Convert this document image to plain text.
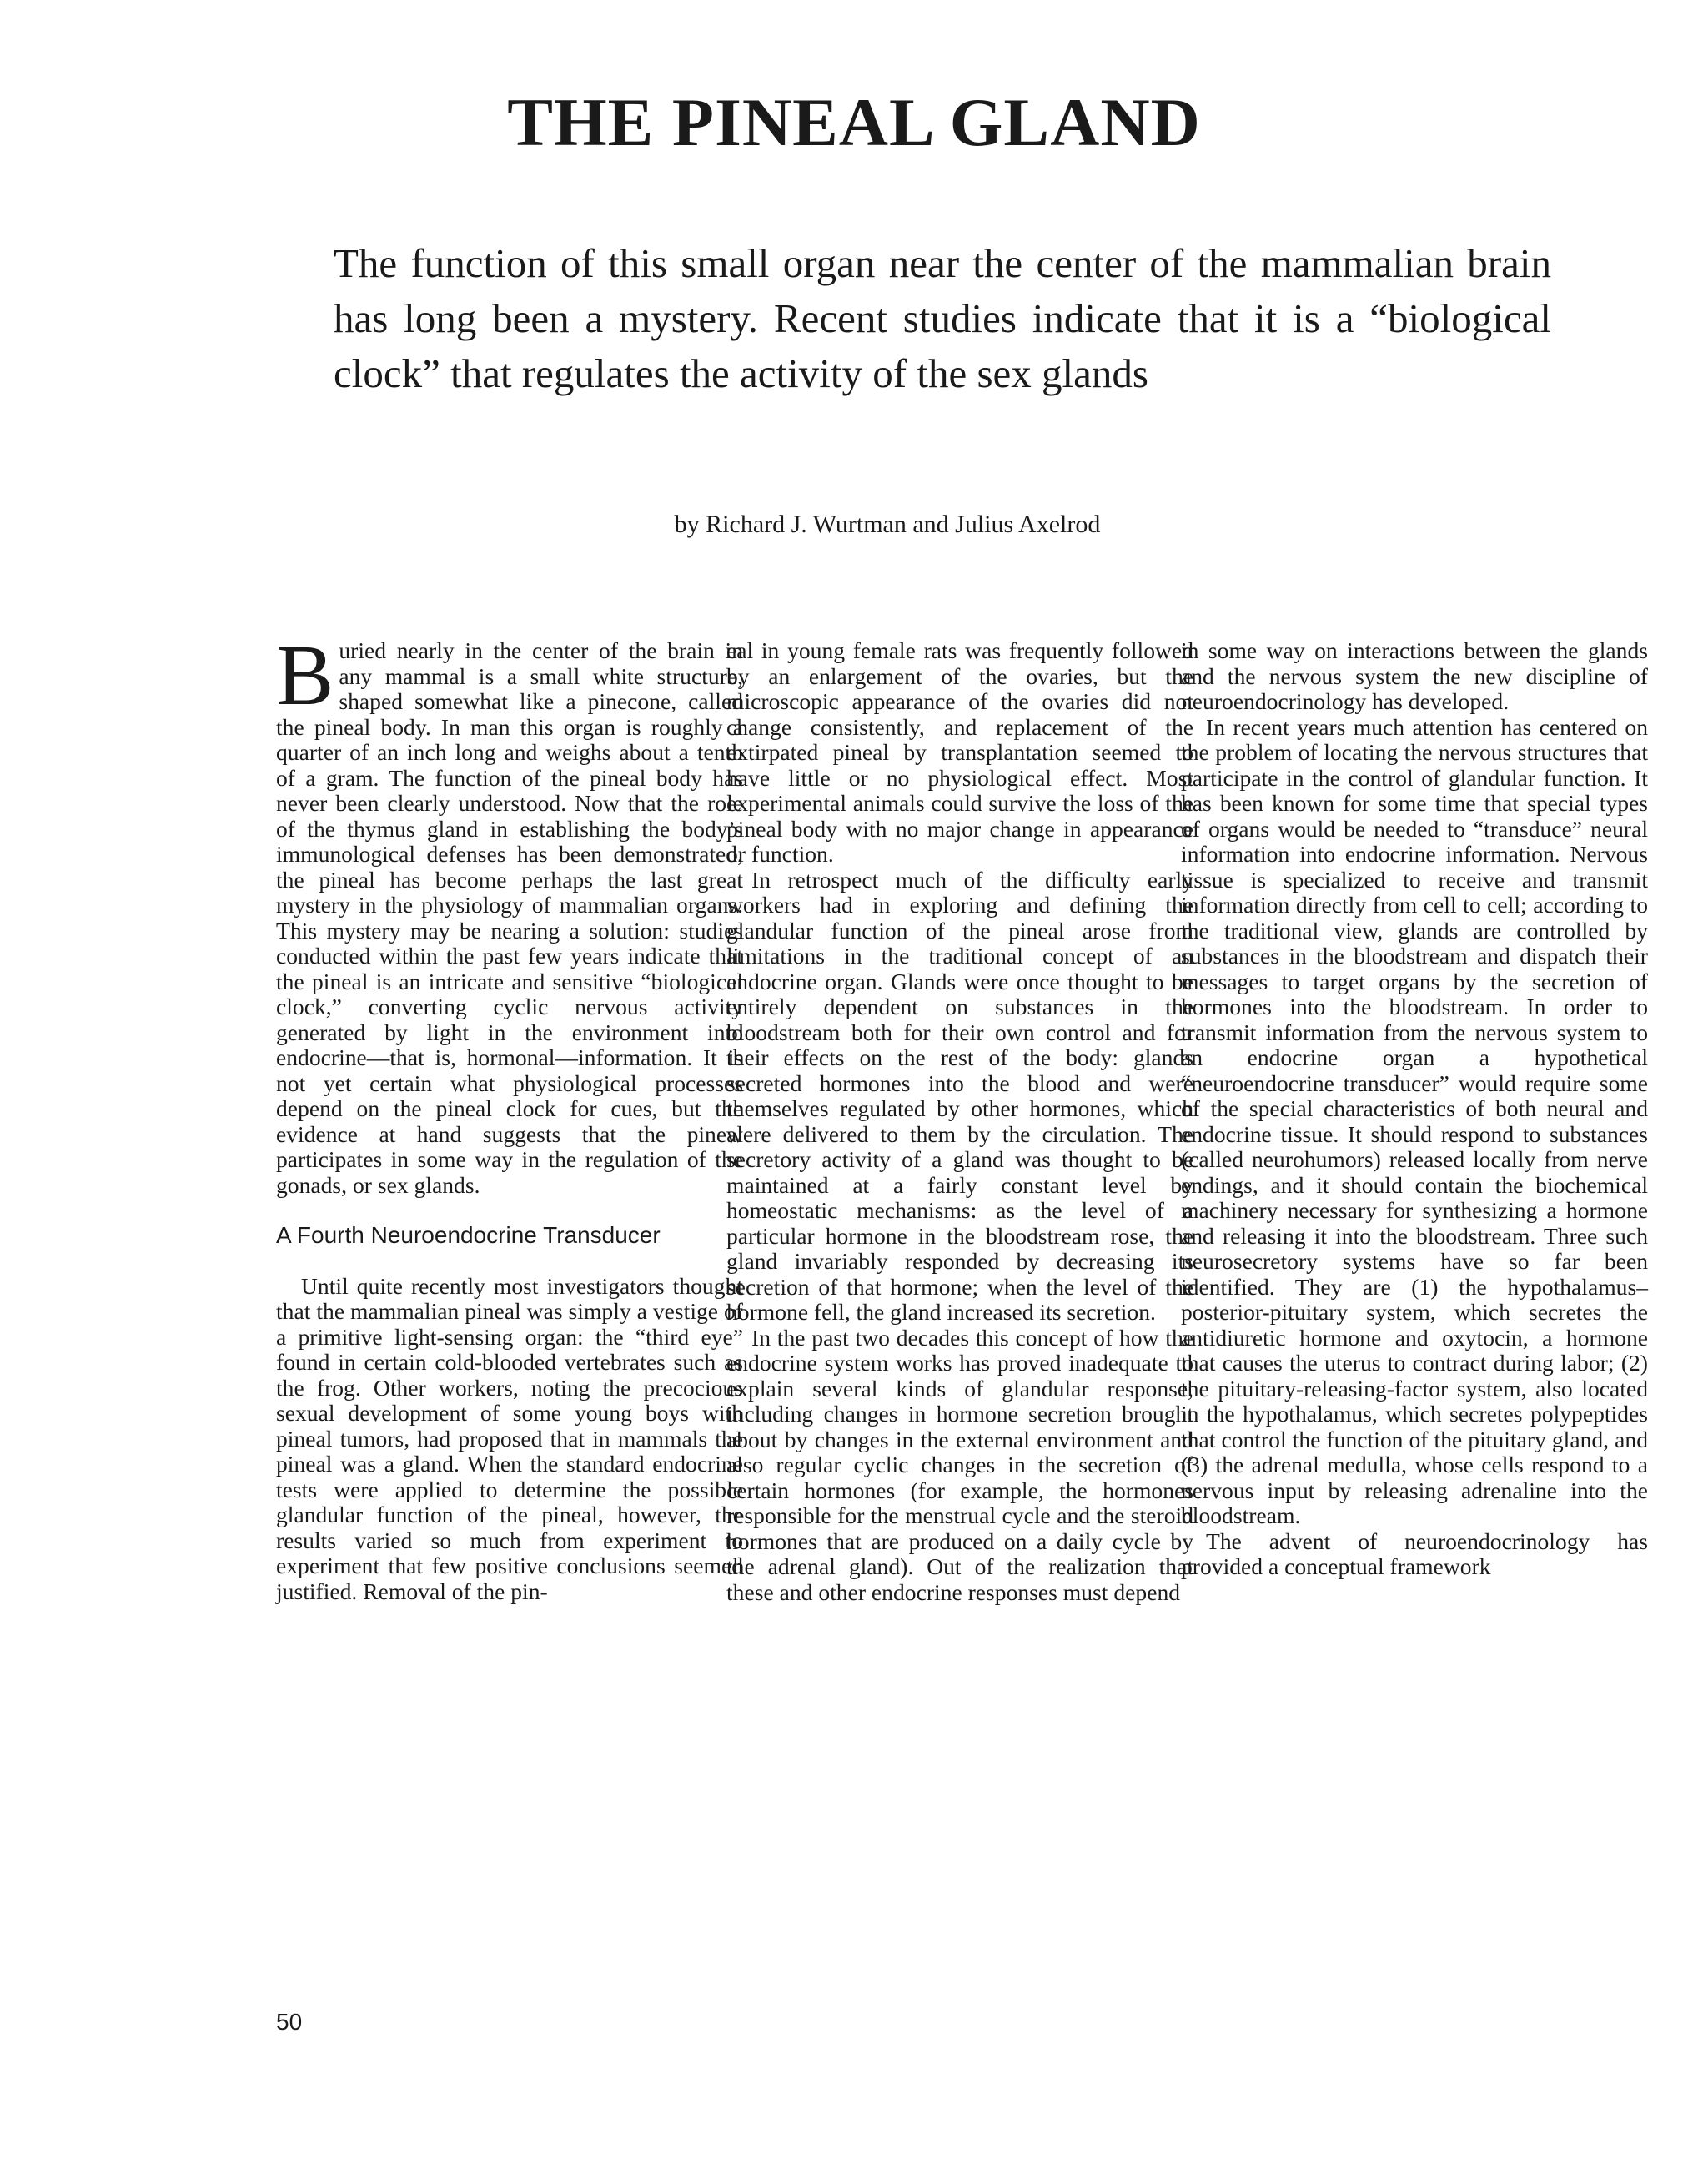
THE PINEAL GLAND

The function of this small organ near the center of the mammalian brain has long been a mystery. Recent studies indicate that it is a “biological clock” that regulates the activity of the sex glands

by Richard J. Wurtman and Julius Axelrod

Buried nearly in the center of the brain in any mammal is a small white structure, shaped somewhat like a pinecone, called the pineal body. In man this organ is roughly a quarter of an inch long and weighs about a tenth of a gram. The function of the pineal body has never been clearly understood. Now that the role of the thymus gland in establishing the body’s immunological defenses has been demonstrated, the pineal has become perhaps the last great mystery in the physiology of mammalian organs. This mystery may be nearing a solution: studies conducted within the past few years indicate that the pineal is an intricate and sensitive “biological clock,” converting cyclic nervous activity generated by light in the environment into endocrine—that is, hormonal—information. It is not yet certain what physiological processes depend on the pineal clock for cues, but the evidence at hand suggests that the pineal participates in some way in the regulation of the gonads, or sex glands.

A Fourth Neuroendocrine Transducer

Until quite recently most investigators thought that the mammalian pineal was simply a vestige of a primitive light-sensing organ: the “third eye” found in certain cold-blooded vertebrates such as the frog. Other workers, noting the precocious sexual development of some young boys with pineal tumors, had proposed that in mammals the pineal was a gland. When the standard endocrine tests were applied to determine the possible glandular function of the pineal, however, the results varied so much from experiment to experiment that few positive conclusions seemed justified. Removal of the pin-

eal in young female rats was frequently followed by an enlargement of the ovaries, but the microscopic appearance of the ovaries did not change consistently, and replacement of the extirpated pineal by transplantation seemed to have little or no physiological effect. Most experimental animals could survive the loss of the pineal body with no major change in appearance or function.

In retrospect much of the difficulty early workers had in exploring and defining the glandular function of the pineal arose from limitations in the traditional concept of an endocrine organ. Glands were once thought to be entirely dependent on substances in the bloodstream both for their own control and for their effects on the rest of the body: glands secreted hormones into the blood and were themselves regulated by other hormones, which were delivered to them by the circulation. The secretory activity of a gland was thought to be maintained at a fairly constant level by homeostatic mechanisms: as the level of a particular hormone in the bloodstream rose, the gland invariably responded by decreasing its secretion of that hormone; when the level of the hormone fell, the gland increased its secretion.

In the past two decades this concept of how the endocrine system works has proved inadequate to explain several kinds of glandular response, including changes in hormone secretion brought about by changes in the external environment and also regular cyclic changes in the secretion of certain hormones (for example, the hormones responsible for the menstrual cycle and the steroid hormones that are produced on a daily cycle by the adrenal gland). Out of the realization that these and other endocrine responses must depend

in some way on interactions between the glands and the nervous system the new discipline of neuroendocrinology has developed.

In recent years much attention has centered on the problem of locating the nervous structures that participate in the control of glandular function. It has been known for some time that special types of organs would be needed to “transduce” neural information into endocrine information. Nervous tissue is specialized to receive and transmit information directly from cell to cell; according to the traditional view, glands are controlled by substances in the bloodstream and dispatch their messages to target organs by the secretion of hormones into the bloodstream. In order to transmit information from the nervous system to an endocrine organ a hypothetical “neuroendocrine transducer” would require some of the special characteristics of both neural and endocrine tissue. It should respond to substances (called neurohumors) released locally from nerve endings, and it should contain the biochemical machinery necessary for synthesizing a hormone and releasing it into the bloodstream. Three such neurosecretory systems have so far been identified. They are (1) the hypothalamus–posterior-pituitary system, which secretes the antidiuretic hormone and oxytocin, a hormone that causes the uterus to contract during labor; (2) the pituitary-releasing-factor system, also located in the hypothalamus, which secretes polypeptides that control the function of the pituitary gland, and (3) the adrenal medulla, whose cells respond to a nervous input by releasing adrenaline into the bloodstream.

The advent of neuroendocrinology has provided a conceptual framework

50
